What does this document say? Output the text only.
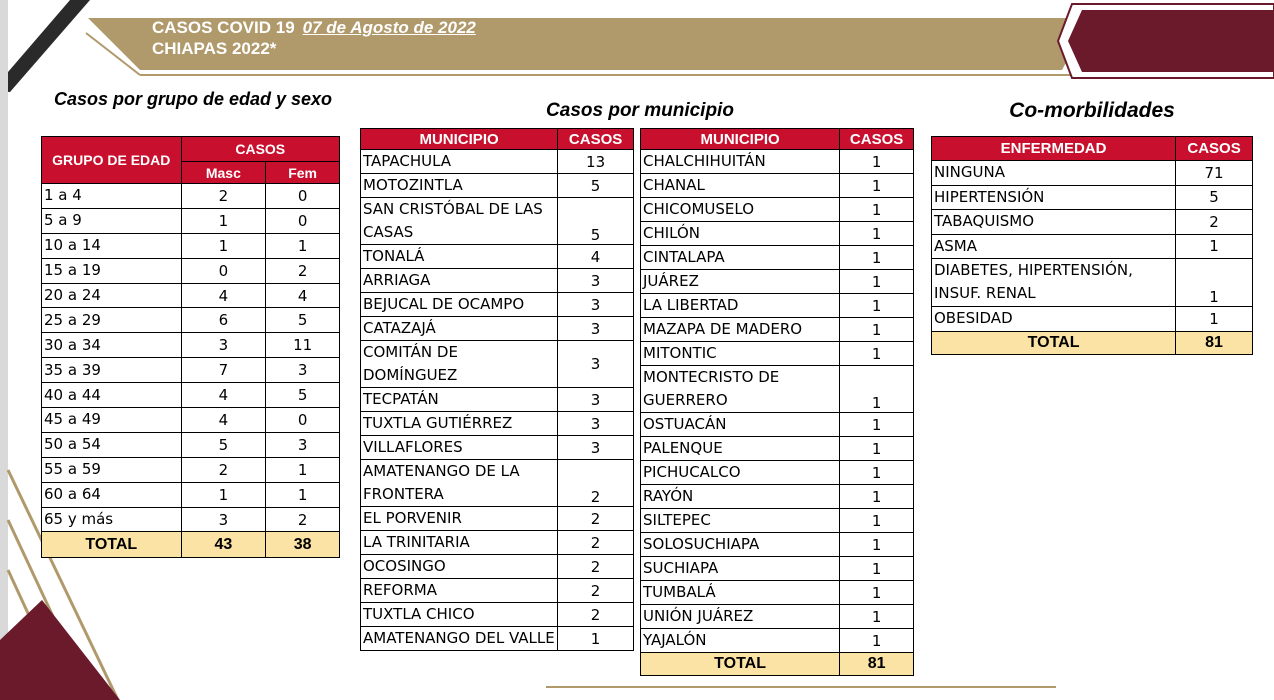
CASOS COVID 19 07 de Agosto de 2022
CHIAPAS 2022*
Casos por grupo de edad y sexo
Casos por municipio	Co-morbilidades
GRUPO DE EDAD	CASOS	
	Masc	Fem
1 a 4	2	0
5 a 9	1	0
10 a 14	1	1
15 a 19	0	2
20 a 24	4	4
25 a 29	6	5
30 a 34	3	11
35 a 39	7	3
40 a 44	4	5
45 a 49	4	0
50 a 54	5	3
55 a 59	2	1
60 a 64	1	1
65 y más	3	2
TOTAL	43	38
MUNICIPIO	CASOS
TAPACHULA	13
MOTOZINTLA	5
SAN CRISTÓBAL DE LAS CASAS	5
TONALÁ	4
ARRIAGA	3
BEJUCAL DE OCAMPO	3
CATAZAJÁ	3
COMITÁN DE DOMÍNGUEZ	3
TECPATÁN	3
TUXTLA GUTIÉRREZ	3
VILLAFLORES	3
AMATENANGO DE LA FRONTERA	2
EL PORVENIR	2
LA TRINITARIA	2
OCOSINGO	2
REFORMA	2
TUXTLA CHICO	2
AMATENANGO DEL VALLE	1
MUNICIPIO	CASOS
CHALCHIHUITÁN	1
CHANAL	1
CHICOMUSELO	1
CHILÓN	1
CINTALAPA	1
JUÁREZ	1
LA LIBERTAD	1
MAZAPA DE MADERO	1
MITONTIC	1
MONTECRISTO DE GUERRERO	1
OSTUACÁN	1
PALENQUE	1
PICHUCALCO	1
RAYÓN	1
SILTEPEC	1
SOLOSUCHIAPA	1
SUCHIAPA	1
TUMBALÁ	1
UNIÓN JUÁREZ	1
YAJALÓN	1
TOTAL	81
ENFERMEDAD	CASOS
NINGUNA	71
HIPERTENSIÓN	5
TABAQUISMO	2
ASMA	1
DIABETES, HIPERTENSIÓN, INSUF. RENAL	1
OBESIDAD	1
TOTAL	81
